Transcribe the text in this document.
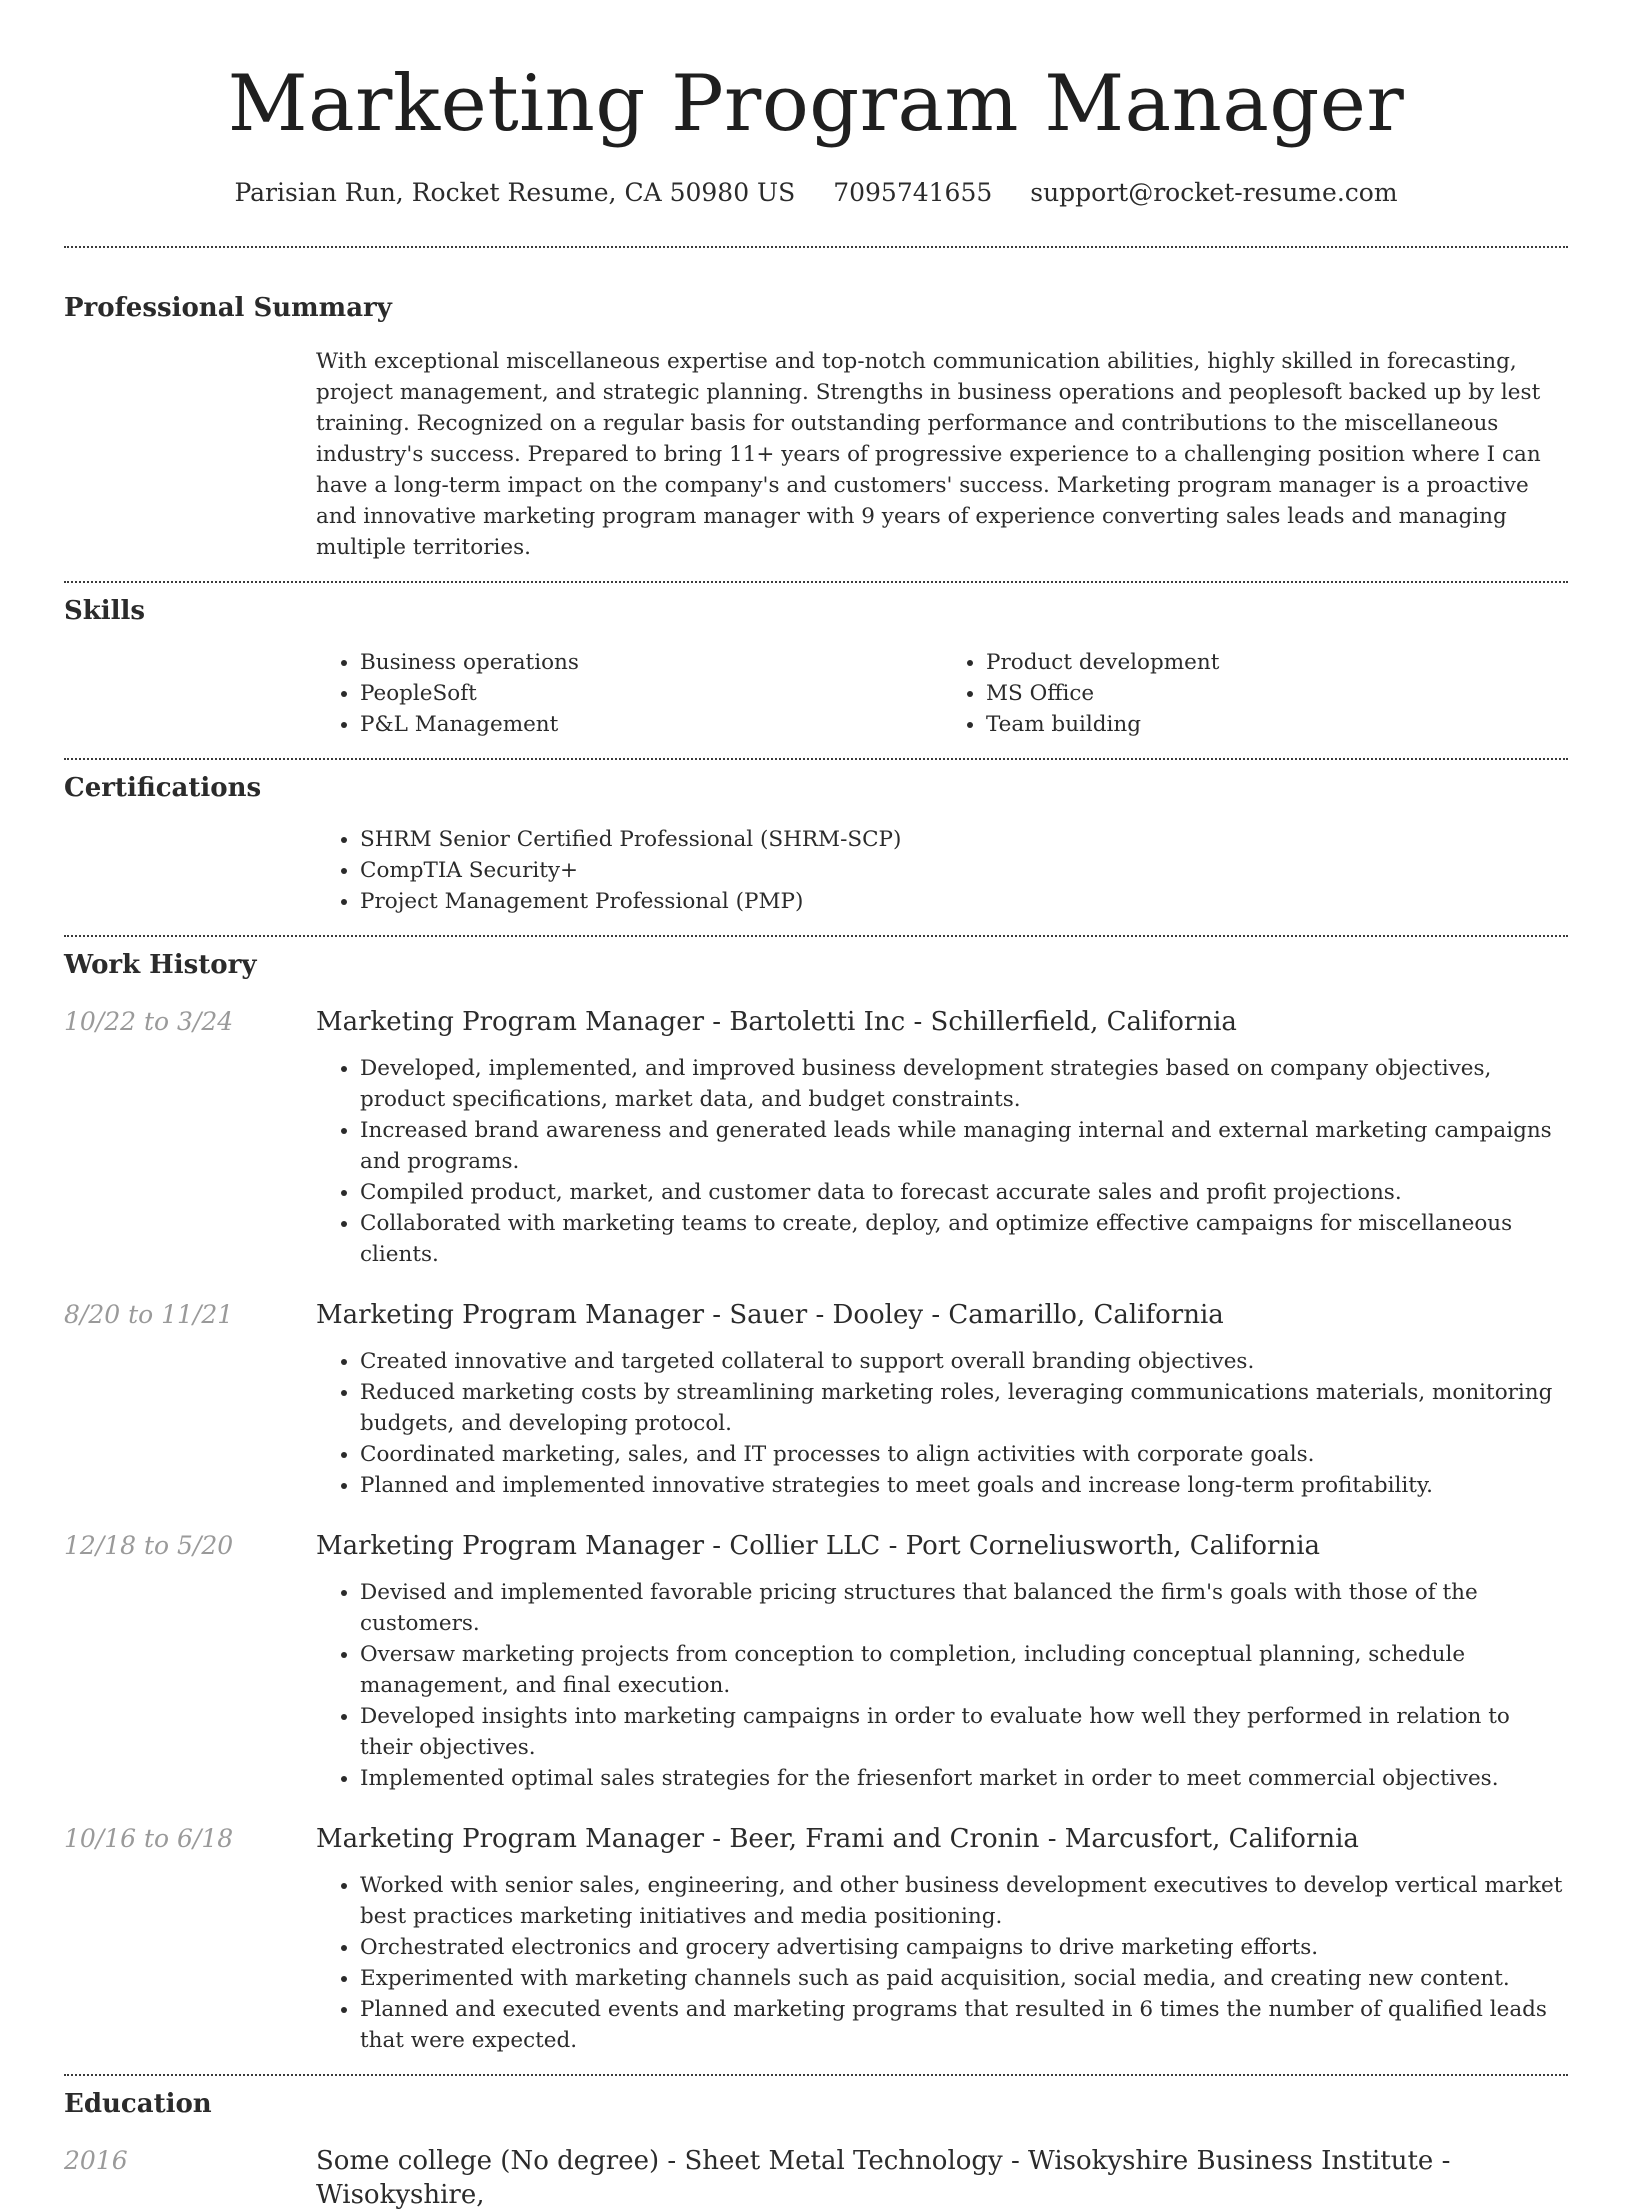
Marketing Program Manager
Parisian Run, Rocket Resume, CA 50980 US 7095741655 support@rocket-resume.com
Professional Summary

With exceptional miscellaneous expertise and top-notch communication abilities, highly skilled in forecasting, project management, and strategic planning. Strengths in business operations and peoplesoft backed up by lest training. Recognized on a regular basis for outstanding performance and contributions to the miscellaneous industry's success. Prepared to bring 11+ years of progressive experience to a challenging position where I can have a long-term impact on the company's and customers' success. Marketing program manager is a proactive and innovative marketing program manager with 9 years of experience converting sales leads and managing multiple territories.

Skills
• Business operations
• PeopleSoft
• P&L Management
• Product development
• MS Office
• Team building
Certifications
• SHRM Senior Certified Professional (SHRM-SCP)
• CompTIA Security+
• Project Management Professional (PMP)
Work History
10/22 to 3/24	Marketing Program Manager - Bartoletti Inc - Schillerfield, California
• Developed, implemented, and improved business development strategies based on company objectives, product specifications, market data, and budget constraints.
• Increased brand awareness and generated leads while managing internal and external marketing campaigns and programs.
• Compiled product, market, and customer data to forecast accurate sales and profit projections.
• Collaborated with marketing teams to create, deploy, and optimize effective campaigns for miscellaneous clients.
8/20 to 11/21	Marketing Program Manager - Sauer - Dooley - Camarillo, California
• Created innovative and targeted collateral to support overall branding objectives.
• Reduced marketing costs by streamlining marketing roles, leveraging communications materials, monitoring budgets, and developing protocol.
• Coordinated marketing, sales, and IT processes to align activities with corporate goals.
• Planned and implemented innovative strategies to meet goals and increase long-term profitability.
12/18 to 5/20	Marketing Program Manager - Collier LLC - Port Corneliusworth, California
• Devised and implemented favorable pricing structures that balanced the firm's goals with those of the customers.
• Oversaw marketing projects from conception to completion, including conceptual planning, schedule management, and final execution.
• Developed insights into marketing campaigns in order to evaluate how well they performed in relation to their objectives.
• Implemented optimal sales strategies for the friesenfort market in order to meet commercial objectives.
10/16 to 6/18	Marketing Program Manager - Beer, Frami and Cronin - Marcusfort, California
• Worked with senior sales, engineering, and other business development executives to develop vertical market best practices marketing initiatives and media positioning.
• Orchestrated electronics and grocery advertising campaigns to drive marketing efforts.
• Experimented with marketing channels such as paid acquisition, social media, and creating new content.
• Planned and executed events and marketing programs that resulted in 6 times the number of qualified leads that were expected.
Education
2016	Some college (No degree) - Sheet Metal Technology - Wisokyshire Business Institute - Wisokyshire,
